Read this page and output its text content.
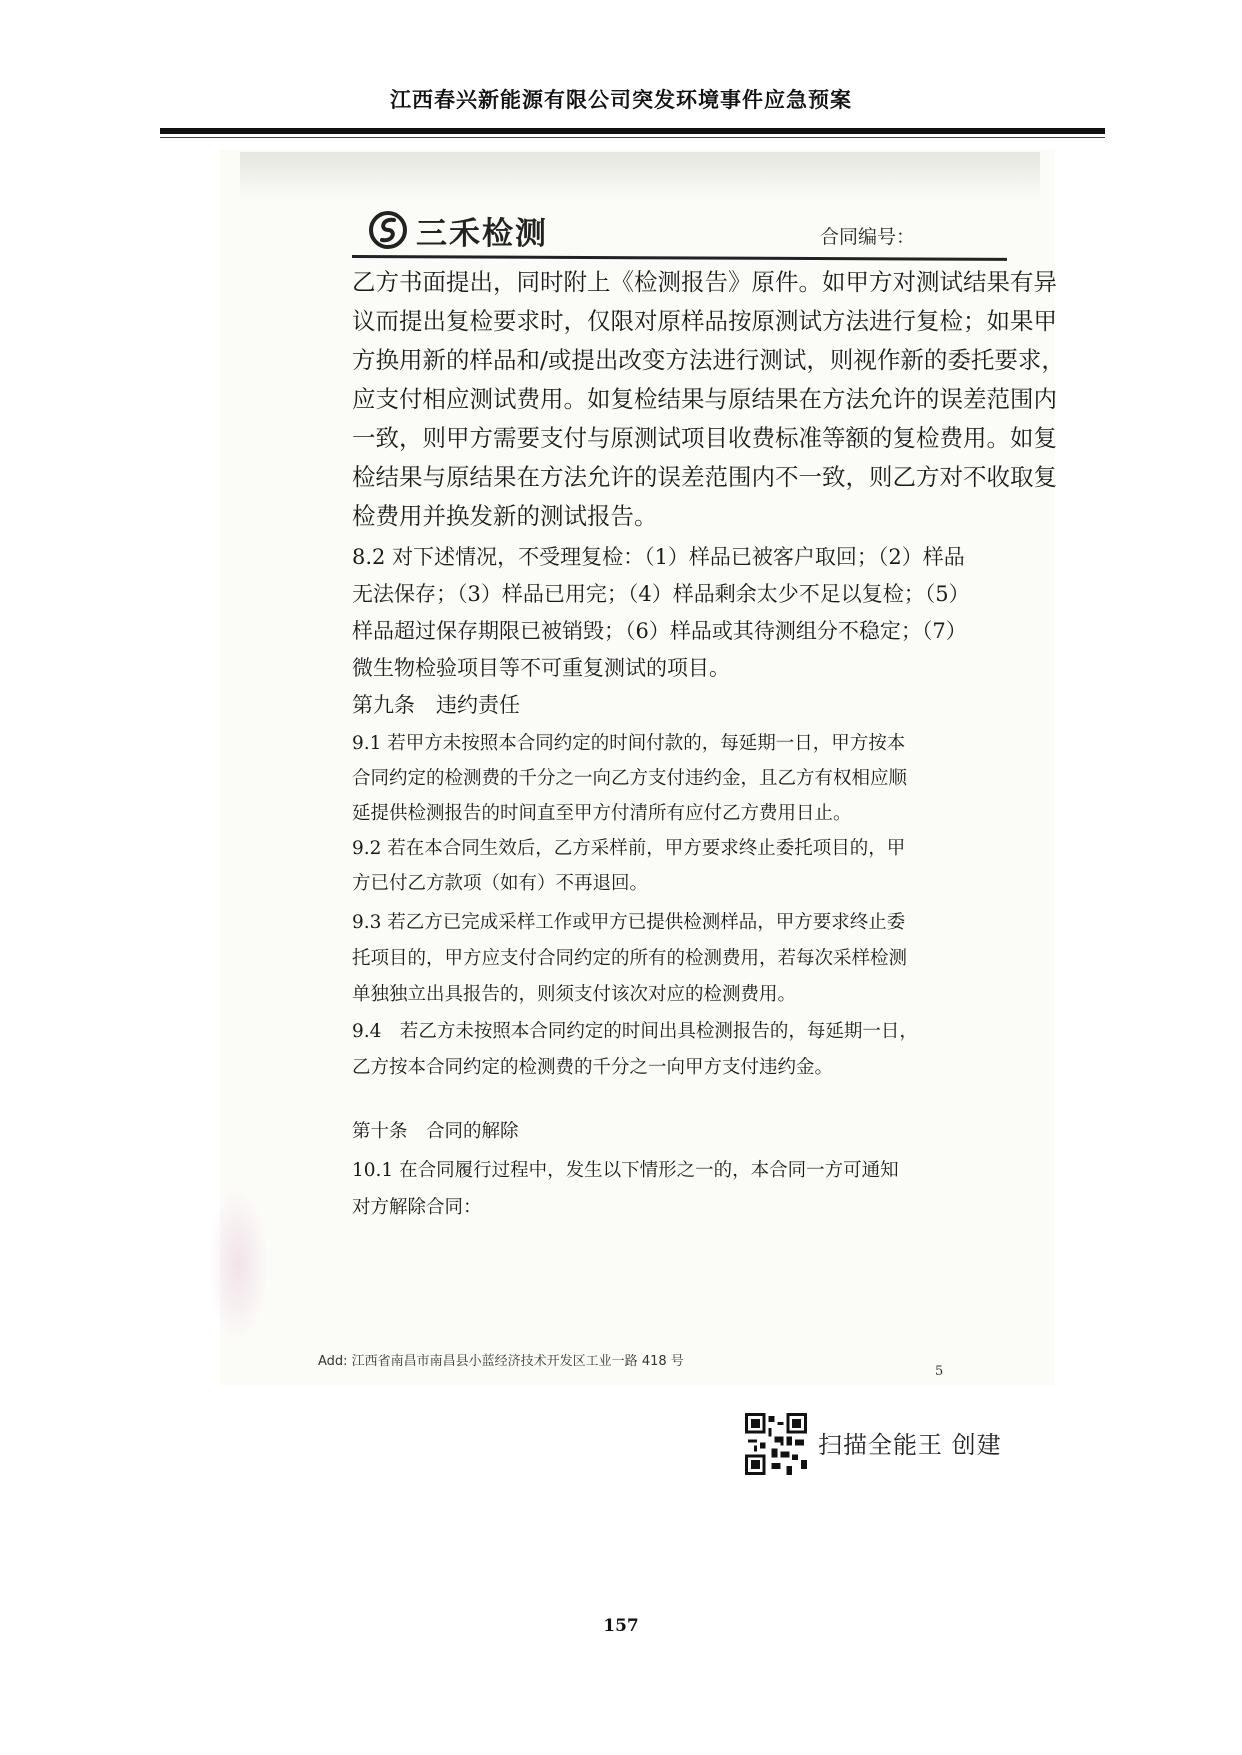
江西春兴新能源有限公司突发环境事件应急预案
三禾检测	合同编号：
乙方书面提出，同时附上《检测报告》原件。如甲方对测试结果有异
议而提出复检要求时，仅限对原样品按原测试方法进行复检；如果甲
方换用新的样品和/或提出改变方法进行测试，则视作新的委托要求，
应支付相应测试费用。如复检结果与原结果在方法允许的误差范围内
一致，则甲方需要支付与原测试项目收费标准等额的复检费用。如复
检结果与原结果在方法允许的误差范围内不一致，则乙方对不收取复
检费用并换发新的测试报告。
8.2 对下述情况，不受理复检：（1）样品已被客户取回；（2）样品
无法保存；（3）样品已用完；（4）样品剩余太少不足以复检；（5）
样品超过保存期限已被销毁；（6）样品或其待测组分不稳定；（7）
微生物检验项目等不可重复测试的项目。
第九条　违约责任
9.1 若甲方未按照本合同约定的时间付款的，每延期一日，甲方按本
合同约定的检测费的千分之一向乙方支付违约金，且乙方有权相应顺
延提供检测报告的时间直至甲方付清所有应付乙方费用日止。
9.2 若在本合同生效后，乙方采样前，甲方要求终止委托项目的，甲
方已付乙方款项（如有）不再退回。
9.3 若乙方已完成采样工作或甲方已提供检测样品，甲方要求终止委
托项目的，甲方应支付合同约定的所有的检测费用，若每次采样检测
单独独立出具报告的，则须支付该次对应的检测费用。
9.4　若乙方未按照本合同约定的时间出具检测报告的，每延期一日，
乙方按本合同约定的检测费的千分之一向甲方支付违约金。
第十条　合同的解除
10.1 在合同履行过程中，发生以下情形之一的，本合同一方可通知
对方解除合同：
Add: 江西省南昌市南昌县小蓝经济技术开发区工业一路 418 号
5
扫描全能王 创建
157
